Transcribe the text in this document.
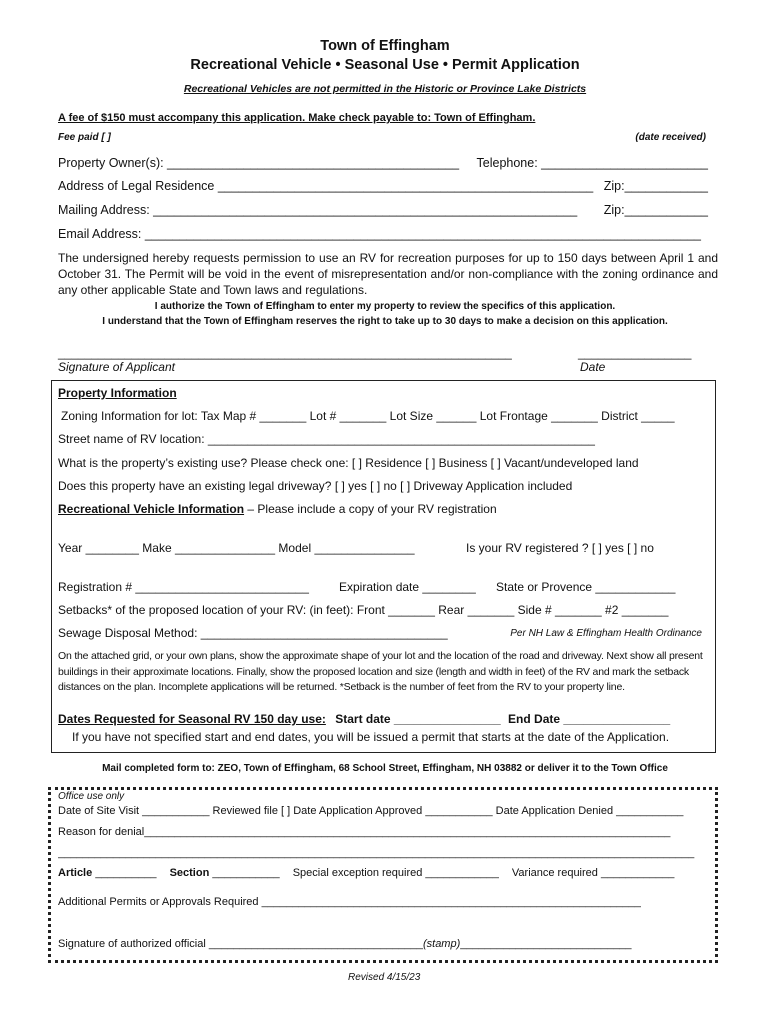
Town of Effingham
Recreational Vehicle • Seasonal Use • Permit Application
Recreational Vehicles are not permitted in the Historic or Province Lake Districts
A fee of $150 must accompany this application. Make check payable to: Town of Effingham.
Fee paid [ ]	(date received)
Property Owner(s): __________________________________________ Telephone: ________________________
Address of Legal Residence ______________________________________________________ Zip:____________
Mailing Address: _____________________________________________________________ Zip:____________
Email Address: ________________________________________________________________________________
The undersigned hereby requests permission to use an RV for recreation purposes for up to 150 days between April 1 and October 31. The Permit will be void in the event of misrepresentation and/or non-compliance with the zoning ordinance and any other applicable State and Town laws and regulations.
I authorize the Town of Effingham to enter my property to review the specifics of this application.
I understand that the Town of Effingham reserves the right to take up to 30 days to make a decision on this application.
____________________________________________________________________	_________________
Signature of Applicant	Date
Property Information
Zoning Information for lot: Tax Map # _______ Lot # _______ Lot Size ______ Lot Frontage _______ District _____
Street name of RV location: __________________________________________________________
What is the property’s existing use? Please check one: [ ] Residence [ ] Business [ ] Vacant/undeveloped land
Does this property have an existing legal driveway? [ ] yes [ ] no [ ] Driveway Application included
Recreational Vehicle Information – Please include a copy of your RV registration
Year ________ Make _______________ Model _______________	Is your RV registered ? [ ] yes [ ] no
Registration # __________________________	Expiration date ________ State or Provence ____________
Setbacks* of the proposed location of your RV: (in feet): Front _______ Rear _______ Side # _______ #2 _______
Sewage Disposal Method: _____________________________________	Per NH Law & Effingham Health Ordinance
On the attached grid, or your own plans, show the approximate shape of your lot and the location of the road and driveway. Next show all present buildings in their approximate locations. Finally, show the proposed location and size (length and width in feet) of the RV and mark the setback distances on the plan. Incomplete applications will be returned. *Setback is the number of feet from the RV to your property line.
Dates Requested for Seasonal RV 150 day use: Start date ________________ End Date ________________
If you have not specified start and end dates, you will be issued a permit that starts at the date of the Application.
Mail completed form to: ZEO, Town of Effingham, 68 School Street, Effingham, NH 03882 or deliver it to the Town Office
Office use only
Date of Site Visit ___________ Reviewed file [ ] Date Application Approved ___________ Date Application Denied ___________
Reason for denial______________________________________________________________________________________
________________________________________________________________________________________________________
Article __________ Section ___________ Special exception required ____________ Variance required ____________
Additional Permits or Approvals Required ______________________________________________________________
Signature of authorized official ___________________________________(stamp)____________________________
Revised 4/15/23
